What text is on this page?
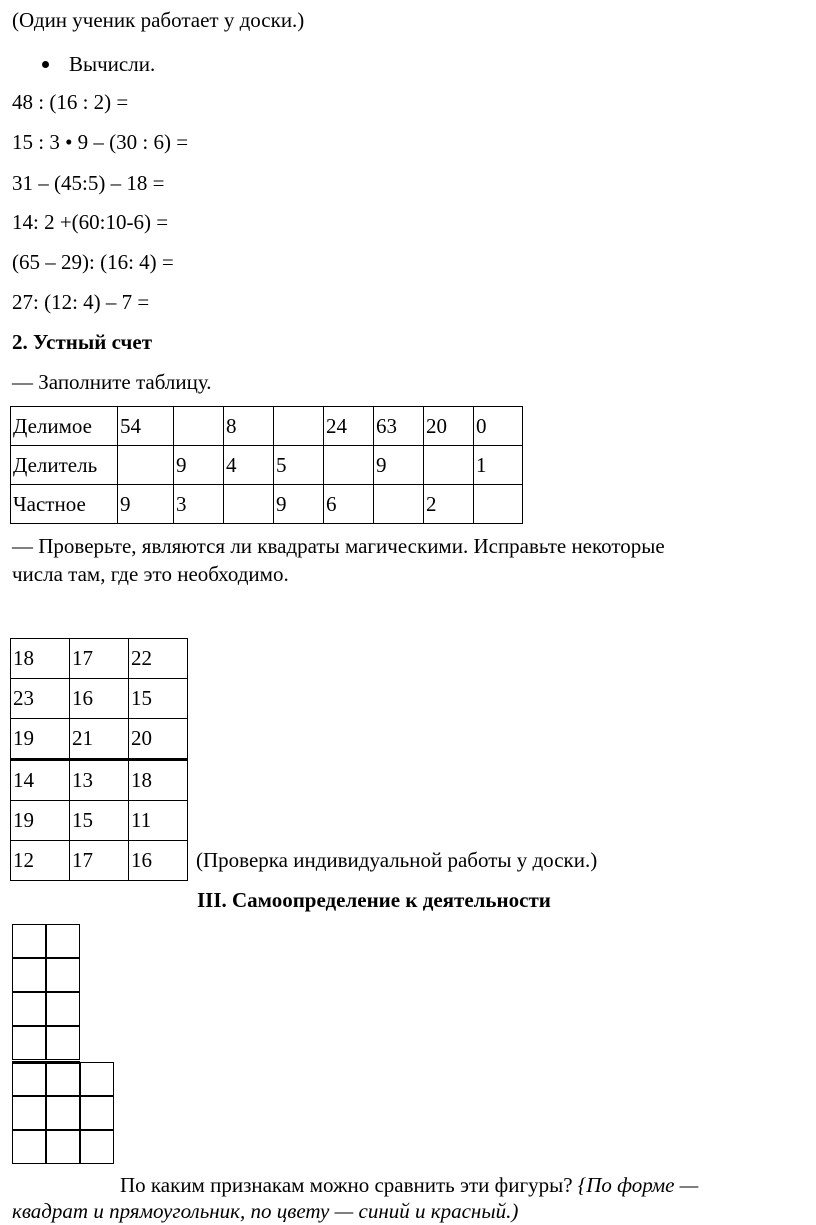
(Один ученик работает у доски.)
Вычисли.
48 : (16 : 2) =
15 : 3 • 9 – (30 : 6) =
31 – (45:5) – 18 =
14: 2 +(60:10-6) =
(65 – 29): (16: 4) =
27: (12: 4) – 7 =
2. Устный счет
— Заполните таблицу.
Делимое	54		8		24	63	20	0
Делитель		9	4	5		9		1
Частное	9	3		9	6		2	
— Проверьте, являются ли квадраты магическими. Исправьте некоторые
числа там, где это необходимо.
18	17	22
23	16	15
19	21	20
14	13	18
19	15	11
12	17	16 (Проверка индивидуальной работы у доски.)
III. Самоопределение к деятельности
По каким признакам можно сравнить эти фигуры? {По форме —
квадрат и прямоугольник, по цвету — синий и красный.)
